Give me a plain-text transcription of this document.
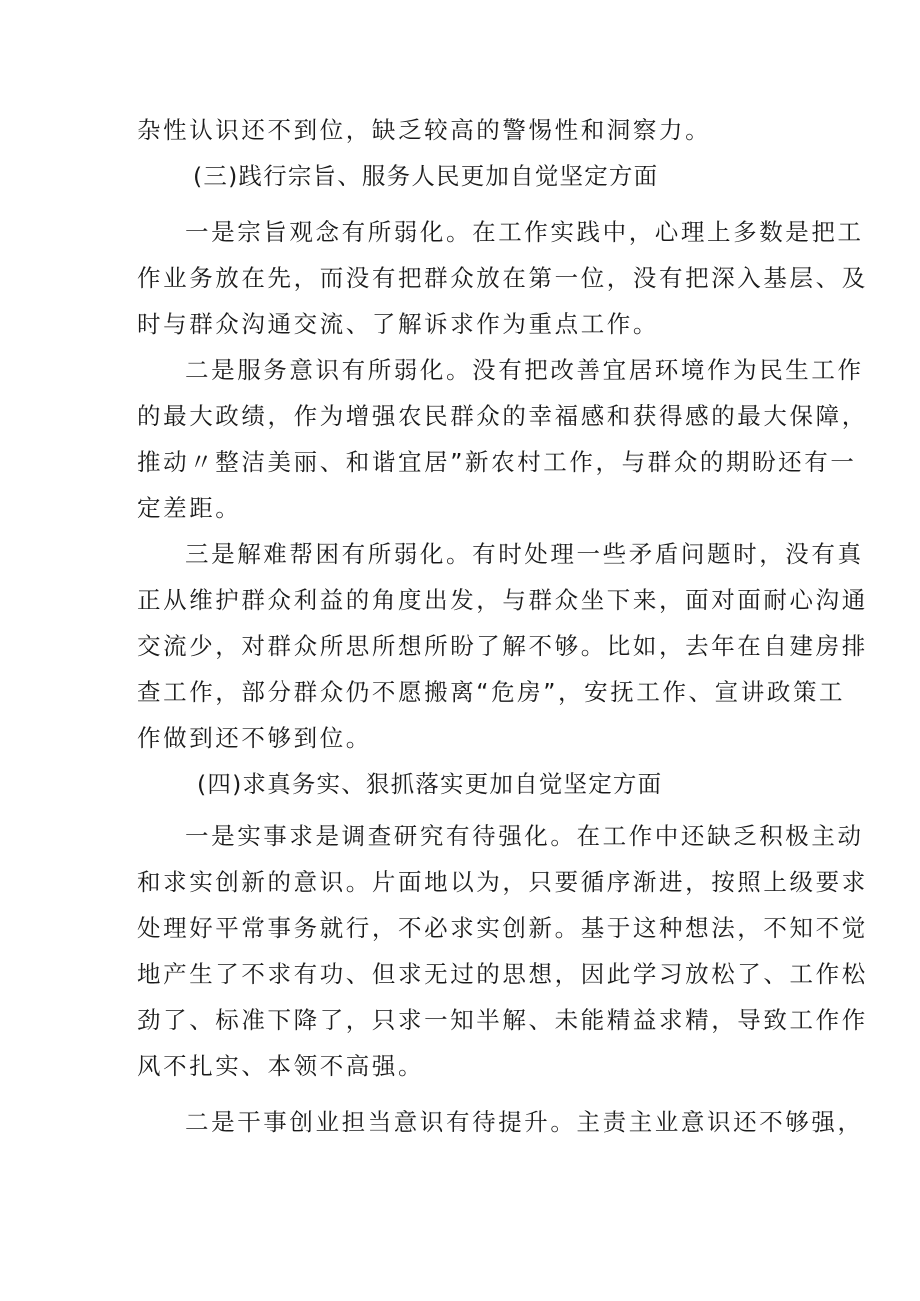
杂性认识还不到位，缺乏较高的警惕性和洞察力。
(三)践行宗旨、服务人民更加自觉坚定方面
一是宗旨观念有所弱化。在工作实践中，心理上多数是把工
作业务放在先，而没有把群众放在第一位，没有把深入基层、及
时与群众沟通交流、了解诉求作为重点工作。
二是服务意识有所弱化。没有把改善宜居环境作为民生工作
的最大政绩，作为增强农民群众的幸福感和获得感的最大保障，
推动〃整洁美丽、和谐宜居”新农村工作，与群众的期盼还有一
定差距。
三是解难帮困有所弱化。有时处理一些矛盾问题时，没有真
正从维护群众利益的角度出发，与群众坐下来，面对面耐心沟通
交流少，对群众所思所想所盼了解不够。比如，去年在自建房排
查工作，部分群众仍不愿搬离“危房”，安抚工作、宣讲政策工
作做到还不够到位。
(四)求真务实、狠抓落实更加自觉坚定方面
一是实事求是调查研究有待强化。在工作中还缺乏积极主动
和求实创新的意识。片面地以为，只要循序渐进，按照上级要求
处理好平常事务就行，不必求实创新。基于这种想法，不知不觉
地产生了不求有功、但求无过的思想，因此学习放松了、工作松
劲了、标准下降了，只求一知半解、未能精益求精，导致工作作
风不扎实、本领不高强。
二是干事创业担当意识有待提升。主责主业意识还不够强，
